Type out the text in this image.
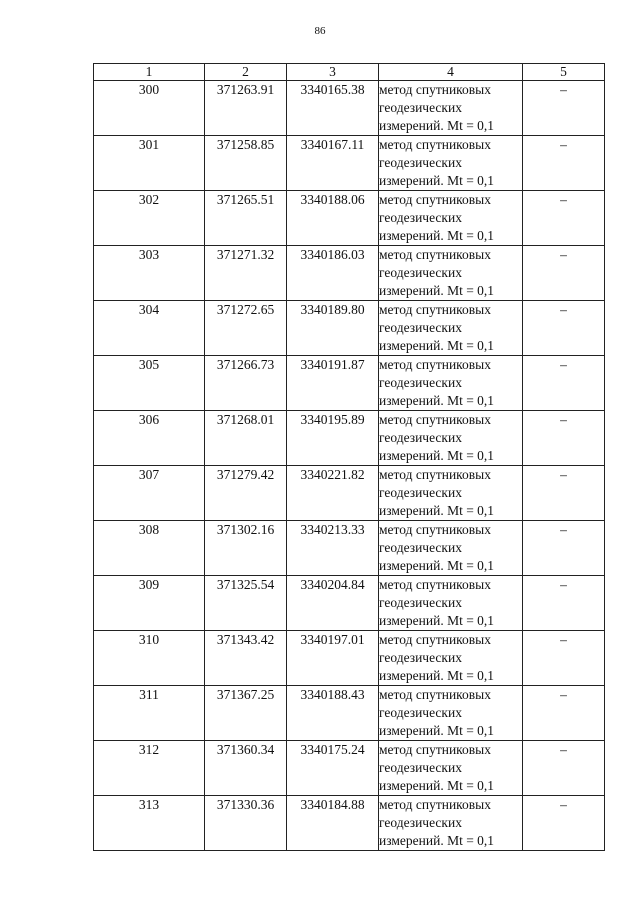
86
1	2	3	4	5
300	371263.91	3340165.38	метод спутниковых
геодезических
измерений. Mt = 0,1	–
301	371258.85	3340167.11	метод спутниковых
геодезических
измерений. Mt = 0,1	–
302	371265.51	3340188.06	метод спутниковых
геодезических
измерений. Mt = 0,1	–
303	371271.32	3340186.03	метод спутниковых
геодезических
измерений. Mt = 0,1	–
304	371272.65	3340189.80	метод спутниковых
геодезических
измерений. Mt = 0,1	–
305	371266.73	3340191.87	метод спутниковых
геодезических
измерений. Mt = 0,1	–
306	371268.01	3340195.89	метод спутниковых
геодезических
измерений. Mt = 0,1	–
307	371279.42	3340221.82	метод спутниковых
геодезических
измерений. Mt = 0,1	–
308	371302.16	3340213.33	метод спутниковых
геодезических
измерений. Mt = 0,1	–
309	371325.54	3340204.84	метод спутниковых
геодезических
измерений. Mt = 0,1	–
310	371343.42	3340197.01	метод спутниковых
геодезических
измерений. Mt = 0,1	–
311	371367.25	3340188.43	метод спутниковых
геодезических
измерений. Mt = 0,1	–
312	371360.34	3340175.24	метод спутниковых
геодезических
измерений. Mt = 0,1	–
313	371330.36	3340184.88	метод спутниковых
геодезических
измерений. Mt = 0,1	–
